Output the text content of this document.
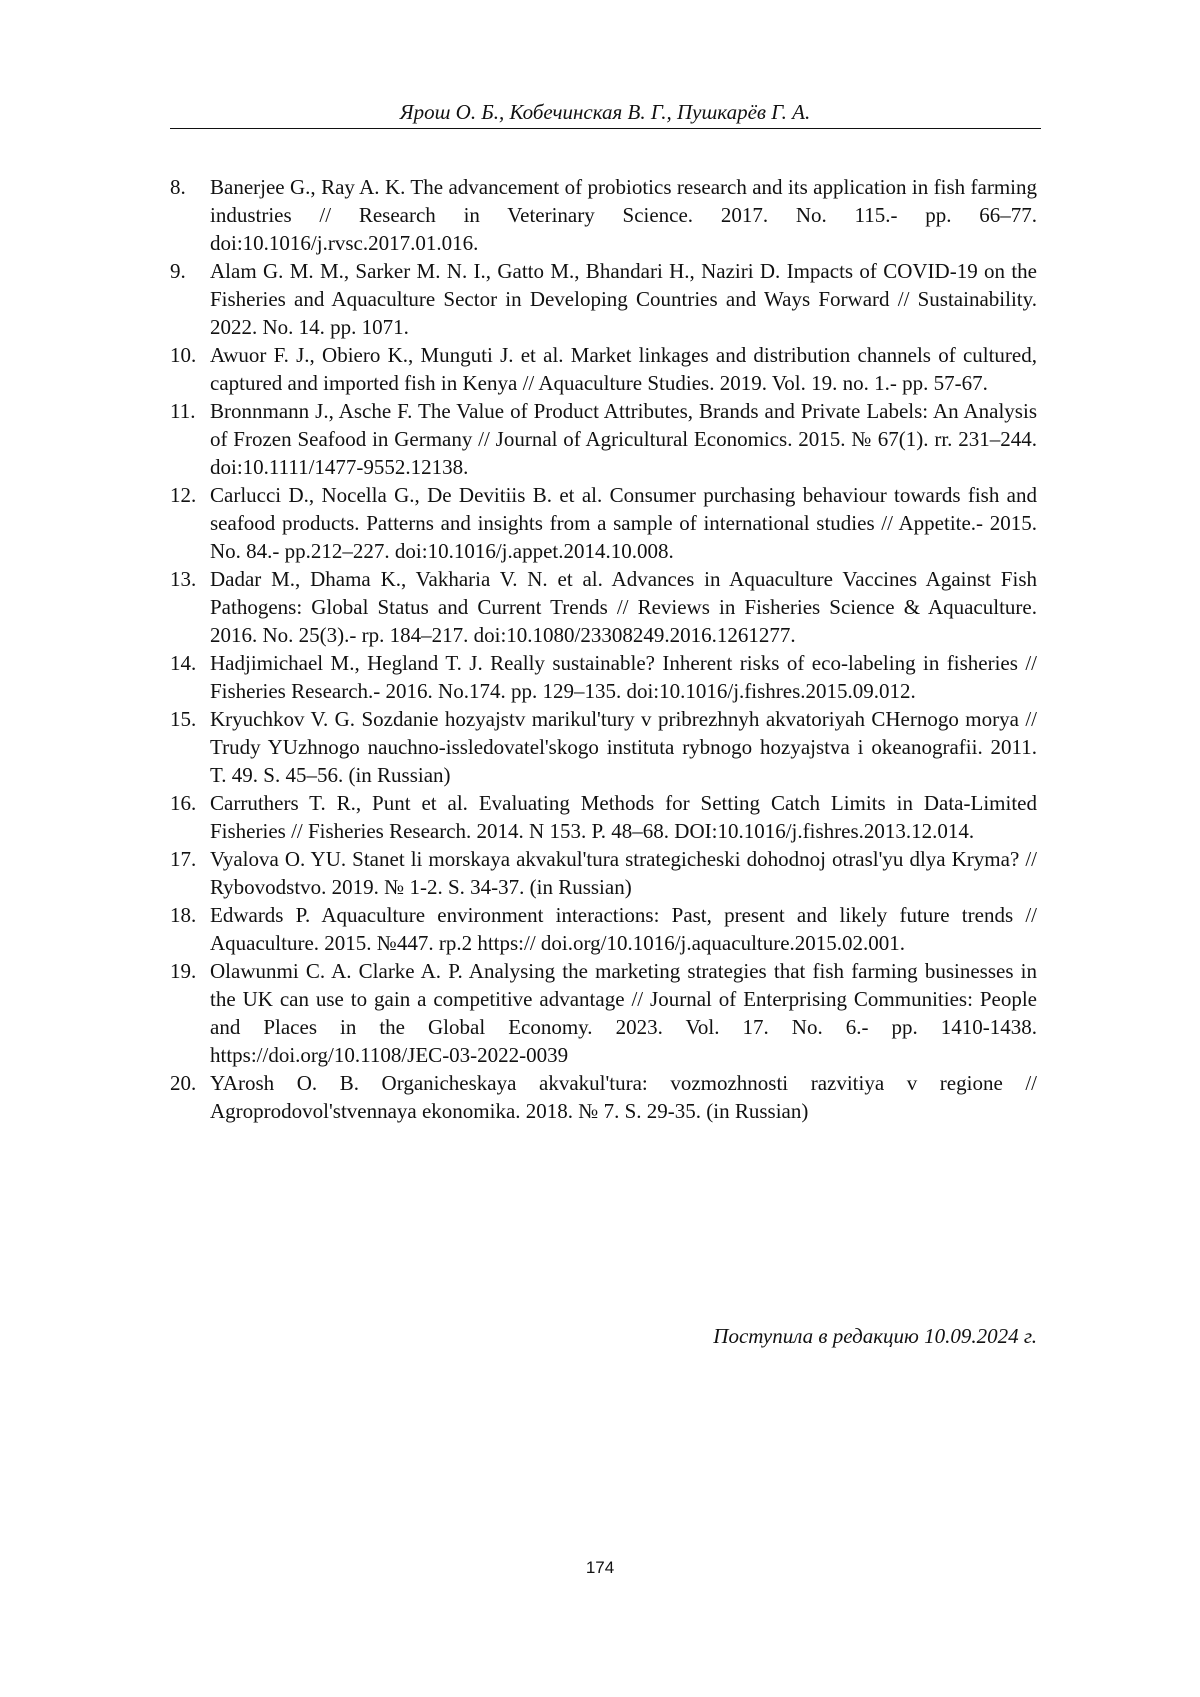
Ярош О. Б., Кобечинская В. Г., Пушкарёв Г. А.
8.	Banerjee G., Ray A. K. The advancement of probiotics research and its application in fish farming industries // Research in Veterinary Science. 2017. No. 115.- pp. 66–77. doi:10.1016/j.rvsc.2017.01.016.
9.	Alam G. M. M., Sarker M. N. I., Gatto M., Bhandari H., Naziri D. Impacts of COVID-19 on the Fisheries and Aquaculture Sector in Developing Countries and Ways Forward // Sustainability. 2022. No. 14. pp. 1071.
10. Awuor F. J., Obiero K., Munguti J. et al. Market linkages and distribution channels of cultured, captured and imported fish in Kenya // Aquaculture Studies. 2019. Vol. 19. no. 1.- pp. 57-67.
11. Bronnmann J., Asche F. The Value of Product Attributes, Brands and Private Labels: An Analysis of Frozen Seafood in Germany // Journal of Agricultural Economics. 2015. № 67(1). rr. 231–244. doi:10.1111/1477-9552.12138.
12. Carlucci D., Nocella G., De Devitiis B. et al. Consumer purchasing behaviour towards fish and seafood products. Patterns and insights from a sample of international studies // Appetite.- 2015. No. 84.- pp.212–227. doi:10.1016/j.appet.2014.10.008.
13. Dadar M., Dhama K., Vakharia V. N. et al. Advances in Aquaculture Vaccines Against Fish Pathogens: Global Status and Current Trends // Reviews in Fisheries Science & Aquaculture. 2016. No. 25(3).- rp. 184–217. doi:10.1080/23308249.2016.1261277.
14. Hadjimichael M., Hegland T. J. Really sustainable? Inherent risks of eco-labeling in fisheries // Fisheries Research.- 2016. No.174. pp. 129–135. doi:10.1016/j.fishres.2015.09.012.
15. Kryuchkov V. G. Sozdanie hozyajstv marikul'tury v pribrezhnyh akvatoriyah CHernogo morya // Trudy YUzhnogo nauchno-issledovatel'skogo instituta rybnogo hozyajstva i okeanografii. 2011. T. 49. S. 45–56. (in Russian)
16. Carruthers T. R., Punt et al. Evaluating Methods for Setting Catch Limits in Data-Limited Fisheries // Fisheries Research. 2014. N 153. P. 48–68. DOI:10.1016/j.fishres.2013.12.014.
17. Vyalova O. YU. Stanet li morskaya akvakul'tura strategicheski dohodnoj otrasl'yu dlya Kryma? // Rybovodstvo. 2019. № 1-2. S. 34-37. (in Russian)
18. Edwards P. Aquaculture environment interactions: Past, present and likely future trends // Aquaculture. 2015. №447. rp.2 https:// doi.org/10.1016/j.aquaculture.2015.02.001.
19. Olawunmi C. A. Clarke A. P. Analysing the marketing strategies that fish farming businesses in the UK can use to gain a competitive advantage // Journal of Enterprising Communities: People and Places in the Global Economy. 2023. Vol. 17. No. 6.- pp. 1410-1438. https://doi.org/10.1108/JEC-03-2022-0039
20. YArosh O. B. Organicheskaya akvakul'tura: vozmozhnosti razvitiya v regione // Agroprodovol'stvennaya ekonomika. 2018. № 7. S. 29-35. (in Russian)
Поступила в редакцию 10.09.2024 г.
174
